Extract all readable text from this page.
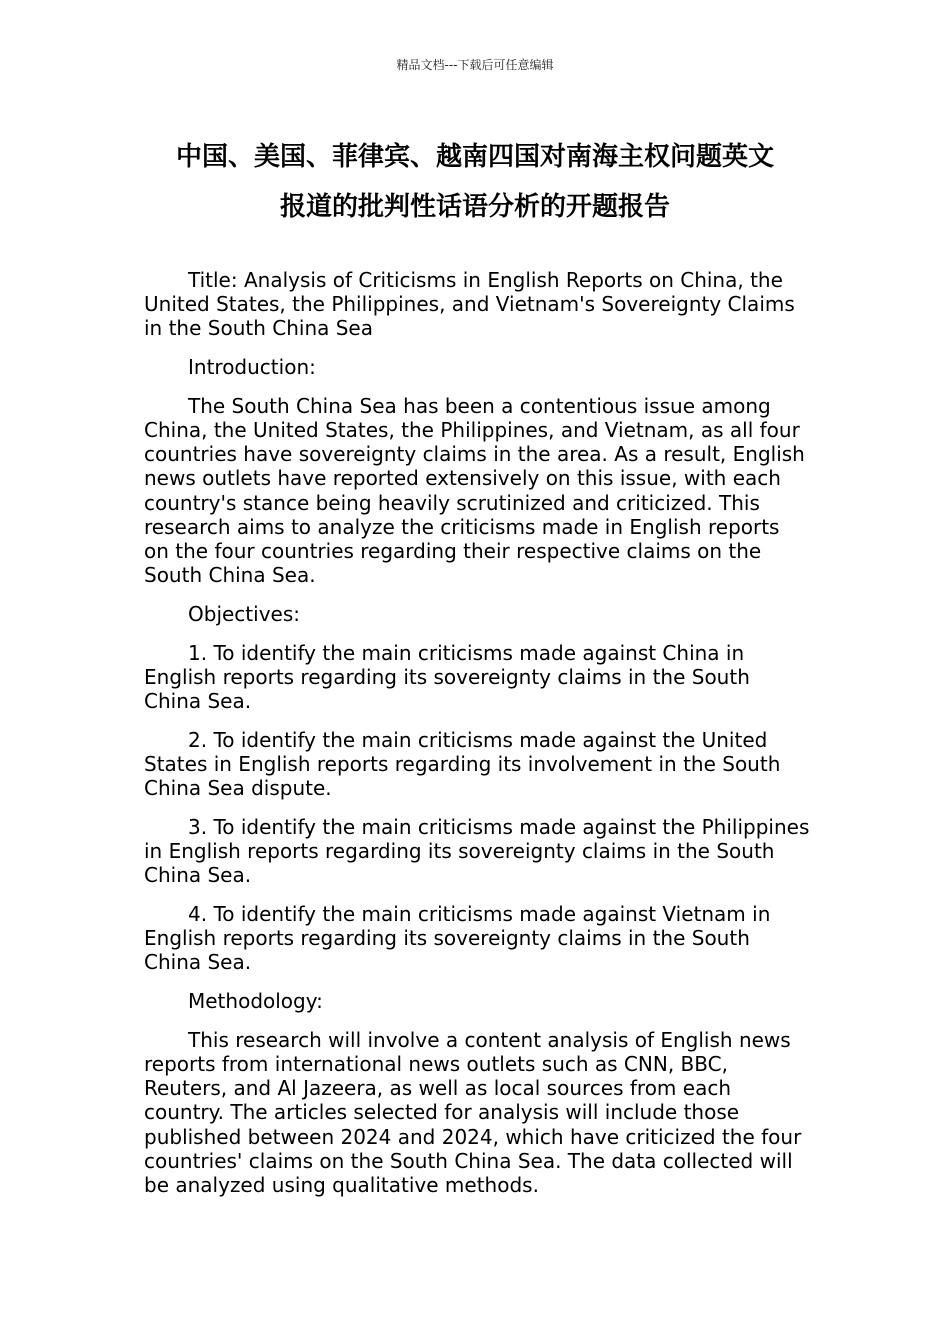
精品文档---下载后可任意编辑
中国、美国、菲律宾、越南四国对南海主权问题英文
报道的批判性话语分析的开题报告

Title: Analysis of Criticisms in English Reports on China, the United States, the Philippines, and Vietnam's Sovereignty Claims in the South China Sea

Introduction:

The South China Sea has been a contentious issue among China, the United States, the Philippines, and Vietnam, as all four countries have sovereignty claims in the area. As a result, English news outlets have reported extensively on this issue, with each country's stance being heavily scrutinized and criticized. This research aims to analyze the criticisms made in English reports on the four countries regarding their respective claims on the South China Sea.

Objectives:

1. To identify the main criticisms made against China in English reports regarding its sovereignty claims in the South China Sea.

2. To identify the main criticisms made against the United States in English reports regarding its involvement in the South China Sea dispute.

3. To identify the main criticisms made against the Philippines in English reports regarding its sovereignty claims in the South China Sea.

4. To identify the main criticisms made against Vietnam in English reports regarding its sovereignty claims in the South China Sea.

Methodology:

This research will involve a content analysis of English news reports from international news outlets such as CNN, BBC, Reuters, and Al Jazeera, as well as local sources from each country. The articles selected for analysis will include those published between 2024 and 2024, which have criticized the four countries' claims on the South China Sea. The data collected will be analyzed using qualitative methods.
